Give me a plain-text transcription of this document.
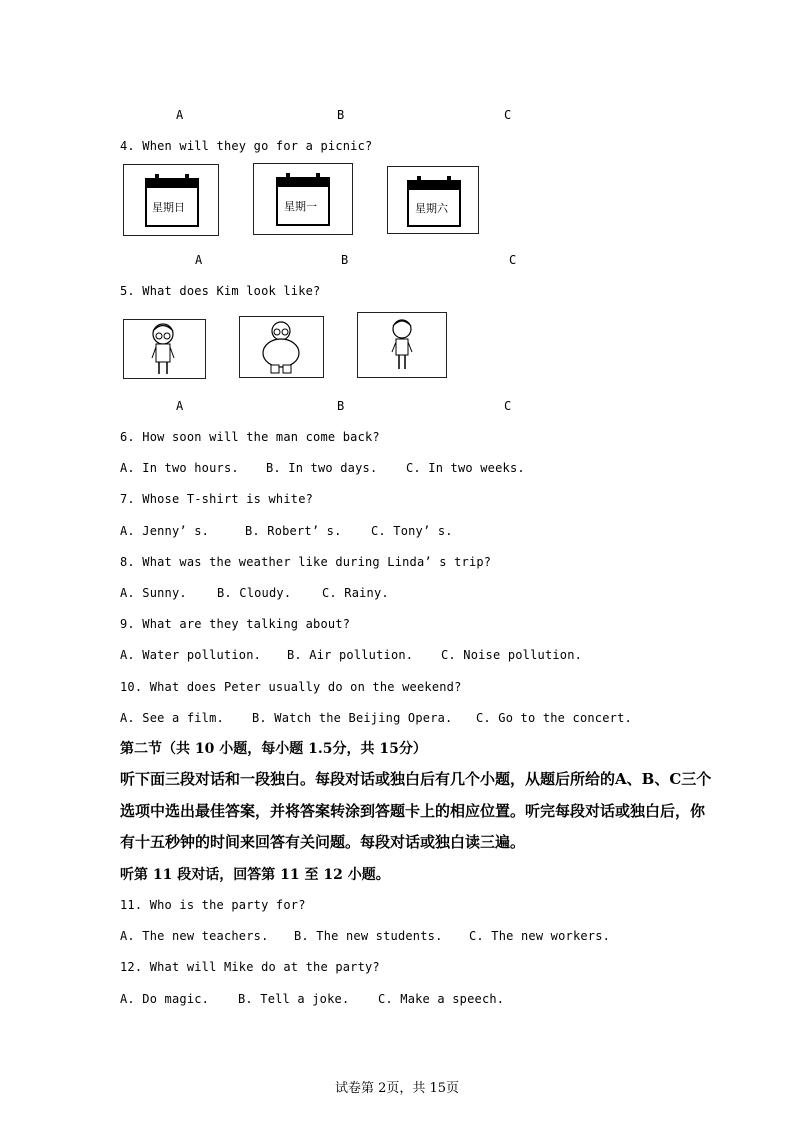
A	B	C
4. When will they go for a picnic?
星期日	星期一	星期六
A	B	C
5. What does Kim look like?
A	B	C
6. How soon will the man come back?
A. In two hours. B. In two days. C. In two weeks.
7. Whose T-shirt is white?
A. Jenny’ s.	B. Robert’ s. C. Tony’ s.
8. What was the weather like during Linda’ s trip?
A. Sunny.	B. Cloudy.	C. Rainy.
9. What are they talking about?
A. Water pollution. B. Air pollution. C. Noise pollution.
10. What does Peter usually do on the weekend?
A. See a film. B. Watch the Beijing Opera. C. Go to the concert.
第二节（共 10 小题，每小题 1.5分，共 15分）
听下面三段对话和一段独白。每段对话或独白后有几个小题，从题后所给的A、B、C三个
选项中选出最佳答案，并将答案转涂到答题卡上的相应位置。听完每段对话或独白后，你
有十五秒钟的时间来回答有关问题。每段对话或独白读三遍。
听第 11 段对话，回答第 11 至 12 小题。
11. Who is the party for?
A. The new teachers. B. The new students. C. The new workers.
12. What will Mike do at the party?
A. Do magic. B. Tell a joke. C. Make a speech.
试卷第 2页，共 15页
